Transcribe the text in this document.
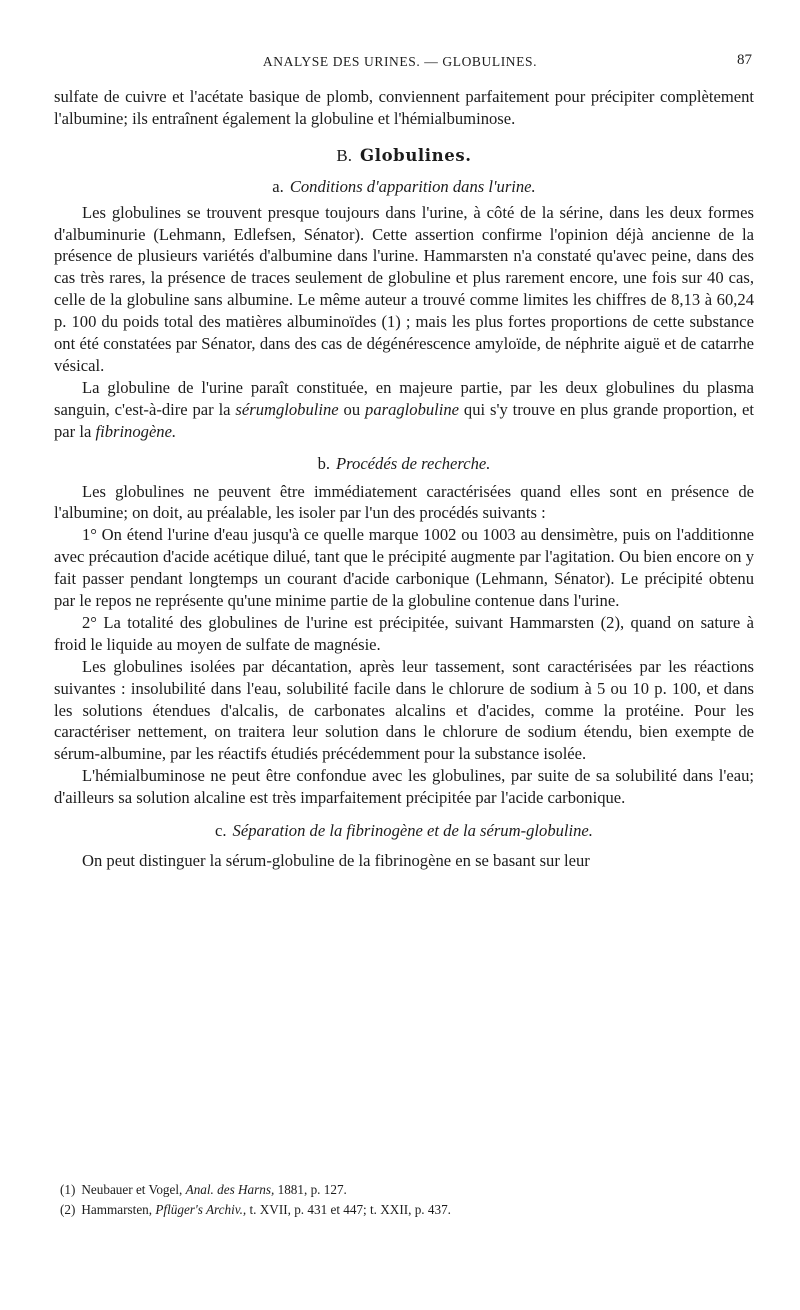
ANALYSE DES URINES. — GLOBULINES.	87

sulfate de cuivre et l'acétate basique de plomb, conviennent parfaitement pour précipiter complètement l'albumine; ils entraînent également la globuline et l'hémialbuminose.

B. Globulines.
a. Conditions d'apparition dans l'urine.

Les globulines se trouvent presque toujours dans l'urine, à côté de la sérine, dans les deux formes d'albuminurie (Lehmann, Edlefsen, Sénator). Cette assertion confirme l'opinion déjà ancienne de la présence de plusieurs variétés d'albumine dans l'urine. Hammarsten n'a constaté qu'avec peine, dans des cas très rares, la présence de traces seulement de globuline et plus rarement encore, une fois sur 40 cas, celle de la globuline sans albumine. Le même auteur a trouvé comme limites les chiffres de 8,13 à 60,24 p. 100 du poids total des matières albuminoïdes (1) ; mais les plus fortes proportions de cette substance ont été constatées par Sénator, dans des cas de dégénérescence amyloïde, de néphrite aiguë et de catarrhe vésical.

La globuline de l'urine paraît constituée, en majeure partie, par les deux globulines du plasma sanguin, c'est-à-dire par la sérumglobuline ou paraglobuline qui s'y trouve en plus grande proportion, et par la fibrinogène.

b. Procédés de recherche.

Les globulines ne peuvent être immédiatement caractérisées quand elles sont en présence de l'albumine; on doit, au préalable, les isoler par l'un des procédés suivants :

1° On étend l'urine d'eau jusqu'à ce quelle marque 1002 ou 1003 au densimètre, puis on l'additionne avec précaution d'acide acétique dilué, tant que le précipité augmente par l'agitation. Ou bien encore on y fait passer pendant longtemps un courant d'acide carbonique (Lehmann, Sénator). Le précipité obtenu par le repos ne représente qu'une minime partie de la globuline contenue dans l'urine.

2° La totalité des globulines de l'urine est précipitée, suivant Hammarsten (2), quand on sature à froid le liquide au moyen de sulfate de magnésie.

Les globulines isolées par décantation, après leur tassement, sont caractérisées par les réactions suivantes : insolubilité dans l'eau, solubilité facile dans le chlorure de sodium à 5 ou 10 p. 100, et dans les solutions étendues d'alcalis, de carbonates alcalins et d'acides, comme la protéine. Pour les caractériser nettement, on traitera leur solution dans le chlorure de sodium étendu, bien exempte de sérum-albumine, par les réactifs étudiés précédemment pour la substance isolée.

L'hémialbuminose ne peut être confondue avec les globulines, par suite de sa solubilité dans l'eau; d'ailleurs sa solution alcaline est très imparfaitement précipitée par l'acide carbonique.

c. Séparation de la fibrinogène et de la sérum-globuline.

On peut distinguer la sérum-globuline de la fibrinogène en se basant sur leur

(1) Neubauer et Vogel, Anal. des Harns, 1881, p. 127.

(2) Hammarsten, Pflüger's Archiv., t. XVII, p. 431 et 447; t. XXII, p. 437.
